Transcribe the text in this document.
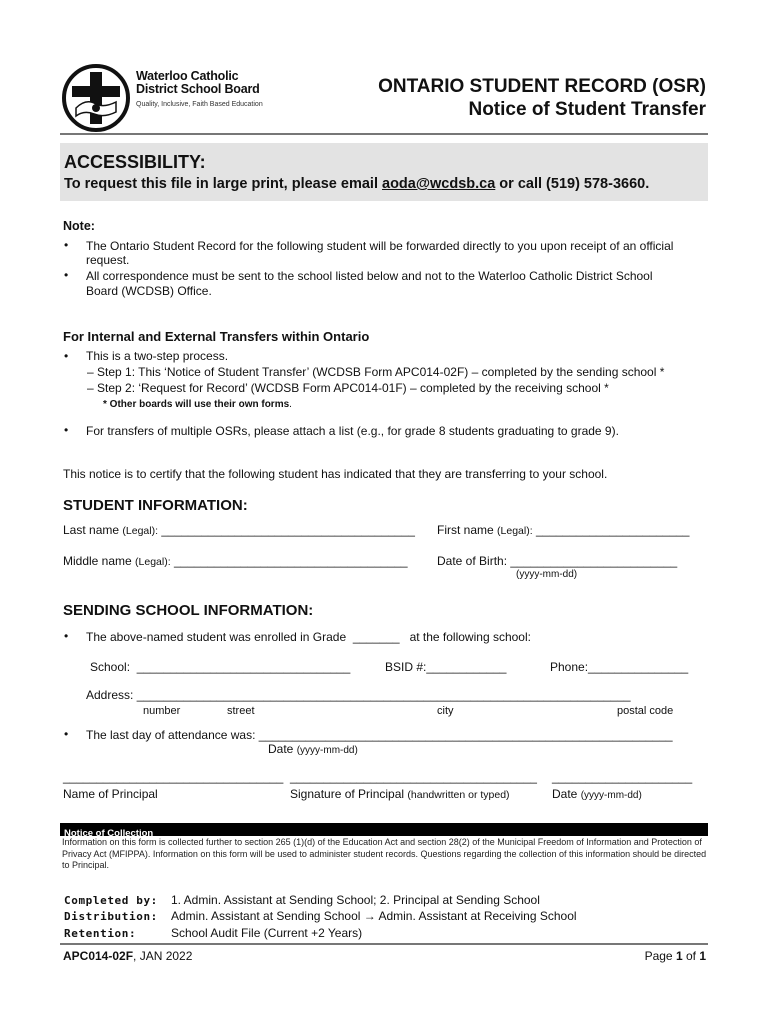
Waterloo Catholic
District School Board
Quality, Inclusive, Faith Based Education
ONTARIO STUDENT RECORD (OSR)
Notice of Student Transfer
ACCESSIBILITY:
To request this file in large print, please email aoda@wcdsb.ca or call (519) 578-3660.
Note:
• The Ontario Student Record for the following student will be forwarded directly to you upon receipt of an official
request.
• All correspondence must be sent to the school listed below and not to the Waterloo Catholic District School
Board (WCDSB) Office.
For Internal and External Transfers within Ontario
• This is a two-step process.
– Step 1: This ‘Notice of Student Transfer’ (WCDSB Form APC014-02F) – completed by the sending school *
– Step 2: ‘Request for Record’ (WCDSB Form APC014-01F) – completed by the receiving school *
* Other boards will use their own forms.
• For transfers of multiple OSRs, please attach a list (e.g., for grade 8 students graduating to grade 9).
This notice is to certify that the following student has indicated that they are transferring to your school.
STUDENT INFORMATION:
Last name (Legal): ______________________________________ First name (Legal): _______________________
Middle name (Legal): ___________________________________ Date of Birth: _________________________
(yyyy-mm-dd)
SENDING SCHOOL INFORMATION:
• The above-named student was enrolled in Grade _______ at the following school:
School: ________________________________	BSID #:____________	Phone:_______________
Address: __________________________________________________________________________
number	street	city	postal code
• The last day of attendance was: ______________________________________________________________
Date (yyyy-mm-dd)
_________________________________
Name of Principal
_____________________________________
Signature of Principal (handwritten or typed)
_____________________
Date (yyyy-mm-dd)
Notice of Collection
Information on this form is collected further to section 265 (1)(d) of the Education Act and section 28(2) of the Municipal Freedom of Information and Protection of Privacy Act (MFIPPA). Information on this form will be used to administer student records. Questions regarding the collection of this information should be directed to Principal.
Completed by: 1. Admin. Assistant at Sending School; 2. Principal at Sending School
Distribution: Admin. Assistant at Sending School → Admin. Assistant at Receiving School
Retention:	School Audit File (Current +2 Years)
APC014-02F, JAN 2022	Page 1 of 1
